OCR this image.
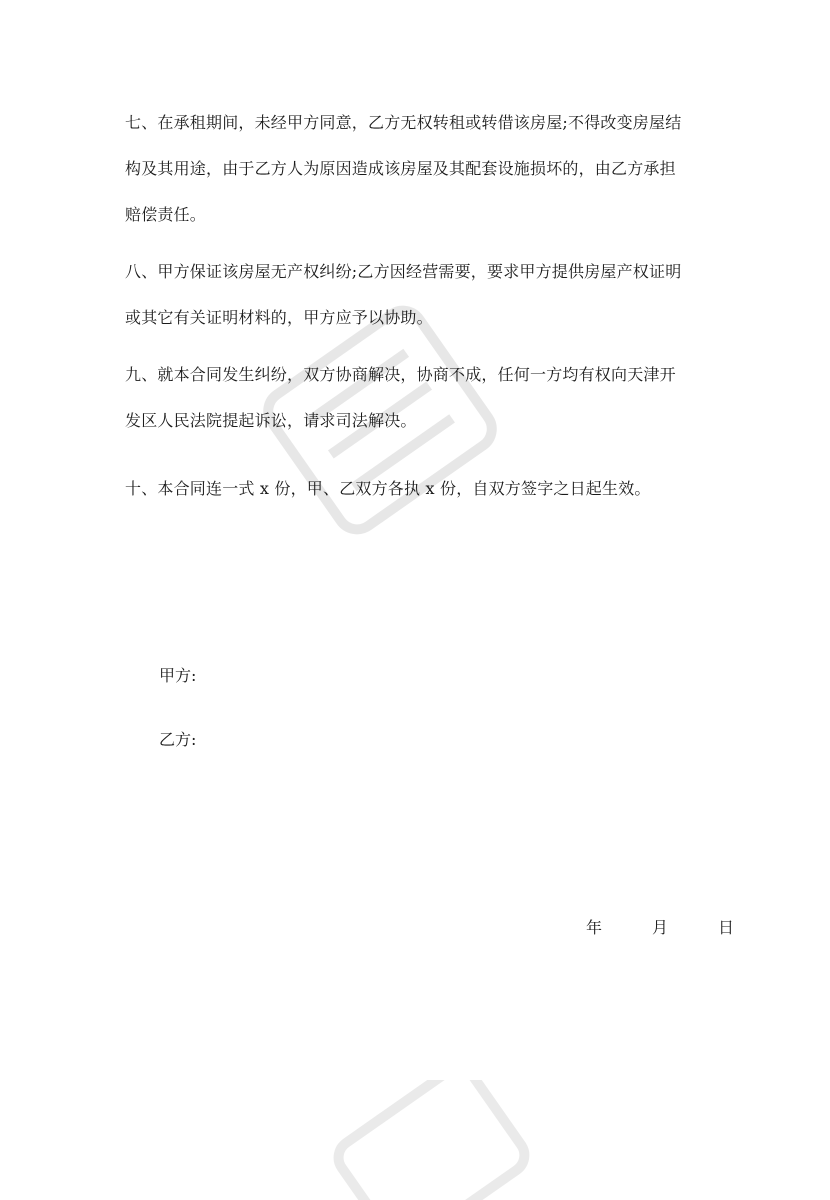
七、在承租期间，未经甲方同意，乙方无权转租或转借该房屋;不得改变房屋结
构及其用途，由于乙方人为原因造成该房屋及其配套设施损坏的，由乙方承担
赔偿责任。
八、甲方保证该房屋无产权纠纷;乙方因经营需要，要求甲方提供房屋产权证明
或其它有关证明材料的，甲方应予以协助。
九、就本合同发生纠纷，双方协商解决，协商不成，任何一方均有权向天津开
发区人民法院提起诉讼，请求司法解决。
十、本合同连一式 x 份，甲、乙双方各执 x 份，自双方签字之日起生效。
甲方:
乙方:
年	月	日
